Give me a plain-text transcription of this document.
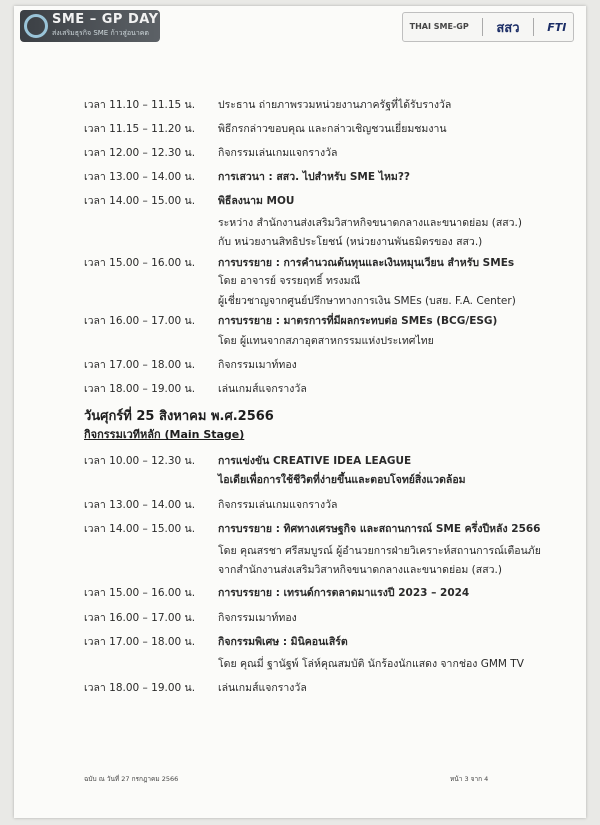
SME – GP DAY
ส่งเสริมธุรกิจ SME ก้าวสู่อนาคต
THAI SME-GP สสว	FTI
เวลา 11.10 – 11.15 น. ประธาน ถ่ายภาพรวมหน่วยงานภาครัฐที่ได้รับรางวัล
เวลา 11.15 – 11.20 น. พิธีกรกล่าวขอบคุณ และกล่าวเชิญชวนเยี่ยมชมงาน
เวลา 12.00 – 12.30 น. กิจกรรมเล่นเกมแจกรางวัล
เวลา 13.00 – 14.00 น. การเสวนา : สสว. ไปสำหรับ SME ไหม??
เวลา 14.00 – 15.00 น. พิธีลงนาม MOU
ระหว่าง สำนักงานส่งเสริมวิสาหกิจขนาดกลางและขนาดย่อม (สสว.)
กับ หน่วยงานสิทธิประโยชน์ (หน่วยงานพันธมิตรของ สสว.)
เวลา 15.00 – 16.00 น. การบรรยาย : การคำนวณต้นทุนและเงินหมุนเวียน สำหรับ SMEs
โดย อาจารย์ จรรยฤทธิ์ ทรงมณี
ผู้เชี่ยวชาญจากศูนย์ปรึกษาทางการเงิน SMEs (บสย. F.A. Center)
เวลา 16.00 – 17.00 น. การบรรยาย : มาตรการที่มีผลกระทบต่อ SMEs (BCG/ESG)
โดย ผู้แทนจากสภาอุตสาหกรรมแห่งประเทศไทย
เวลา 17.00 – 18.00 น. กิจกรรมเมาท์ทอง
เวลา 18.00 – 19.00 น. เล่นเกมส์แจกรางวัล
วันศุกร์ที่ 25 สิงหาคม พ.ศ.2566
กิจกรรมเวทีหลัก (Main Stage)
เวลา 10.00 – 12.30 น. การแข่งขัน CREATIVE IDEA LEAGUE
ไอเดียเพื่อการใช้ชีวิตที่ง่ายขึ้นและตอบโจทย์สิ่งแวดล้อม
เวลา 13.00 – 14.00 น. กิจกรรมเล่นเกมแจกรางวัล
เวลา 14.00 – 15.00 น. การบรรยาย : ทิศทางเศรษฐกิจ และสถานการณ์ SME ครึ่งปีหลัง 2566
โดย คุณสรชา ศรีสมบูรณ์ ผู้อำนวยการฝ่ายวิเคราะห์สถานการณ์เตือนภัย
จากสำนักงานส่งเสริมวิสาหกิจขนาดกลางและขนาดย่อม (สสว.)
เวลา 15.00 – 16.00 น. การบรรยาย : เทรนด์การตลาดมาแรงปี 2023 – 2024
เวลา 16.00 – 17.00 น. กิจกรรมเมาท์ทอง
เวลา 17.00 – 18.00 น. กิจกรรมพิเศษ : มินิคอนเสิร์ต
โดย คุณมี่ ฐานัฐพ์ โล่ห์คุณสมบัติ นักร้องนักแสดง จากช่อง GMM TV
เวลา 18.00 – 19.00 น. เล่นเกมส์แจกรางวัล
ฉบับ ณ วันที่ 27 กรกฎาคม 2566	หน้า 3 จาก 4
